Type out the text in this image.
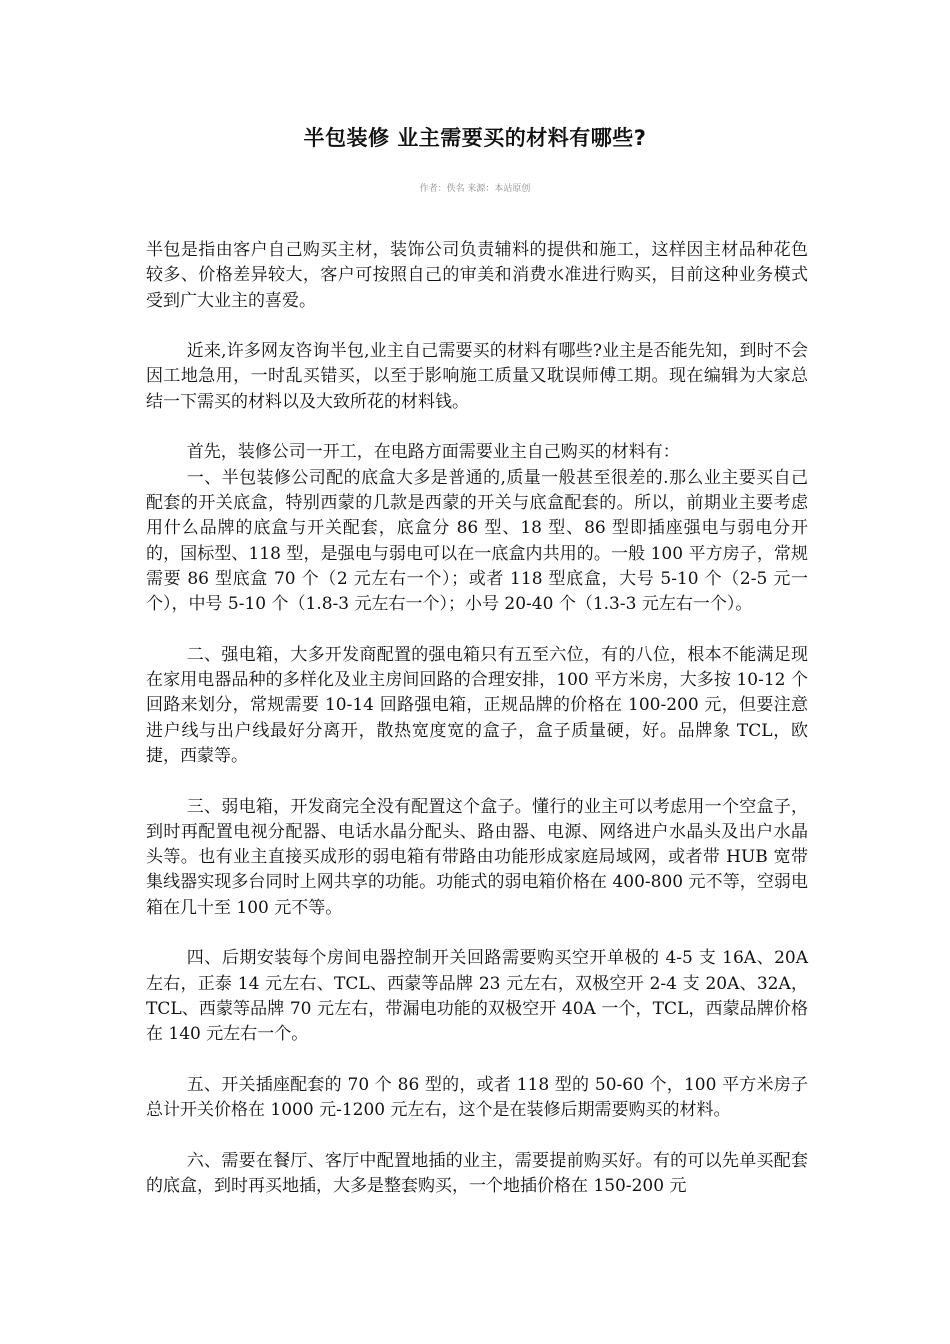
半包装修 业主需要买的材料有哪些?
作者：佚名 来源：本站原创

半包是指由客户自己购买主材，装饰公司负责辅料的提供和施工，这样因主材品种花色较多、价格差异较大，客户可按照自己的审美和消费水准进行购买，目前这种业务模式受到广大业主的喜爱。

近来,许多网友咨询半包,业主自己需要买的材料有哪些?业主是否能先知，到时不会因工地急用，一时乱买错买，以至于影响施工质量又耽误师傅工期。现在编辑为大家总结一下需买的材料以及大致所花的材料钱。

首先，装修公司一开工，在电路方面需要业主自己购买的材料有：

一、半包装修公司配的底盒大多是普通的,质量一般甚至很差的.那么业主要买自己配套的开关底盒，特别西蒙的几款是西蒙的开关与底盒配套的。所以，前期业主要考虑用什么品牌的底盒与开关配套，底盒分 86 型、18 型、86 型即插座强电与弱电分开的，国标型、118 型，是强电与弱电可以在一底盒内共用的。一般 100 平方房子，常规需要 86 型底盒 70 个（2 元左右一个）；或者 118 型底盒，大号 5-10 个（2-5 元一个），中号 5-10 个（1.8-3 元左右一个）；小号 20-40 个（1.3-3 元左右一个）。

二、强电箱，大多开发商配置的强电箱只有五至六位，有的八位，根本不能满足现在家用电器品种的多样化及业主房间回路的合理安排，100 平方米房，大多按 10-12 个回路来划分，常规需要 10-14 回路强电箱，正规品牌的价格在 100-200 元，但要注意进户线与出户线最好分离开，散热宽度宽的盒子，盒子质量硬，好。品牌象 TCL，欧捷，西蒙等。

三、弱电箱，开发商完全没有配置这个盒子。懂行的业主可以考虑用一个空盒子，到时再配置电视分配器、电话水晶分配头、路由器、电源、网络进户水晶头及出户水晶头等。也有业主直接买成形的弱电箱有带路由功能形成家庭局域网，或者带 HUB 宽带集线器实现多台同时上网共享的功能。功能式的弱电箱价格在 400-800 元不等，空弱电箱在几十至 100 元不等。

四、后期安装每个房间电器控制开关回路需要购买空开单极的 4-5 支 16A、20A 左右，正泰 14 元左右、TCL、西蒙等品牌 23 元左右，双极空开 2-4 支 20A、32A，TCL、西蒙等品牌 70 元左右，带漏电功能的双极空开 40A 一个，TCL，西蒙品牌价格在 140 元左右一个。

五、开关插座配套的 70 个 86 型的，或者 118 型的 50-60 个，100 平方米房子总计开关价格在 1000 元-1200 元左右，这个是在装修后期需要购买的材料。

六、需要在餐厅、客厅中配置地插的业主，需要提前购买好。有的可以先单买配套的底盒，到时再买地插，大多是整套购买，一个地插价格在 150-200 元
